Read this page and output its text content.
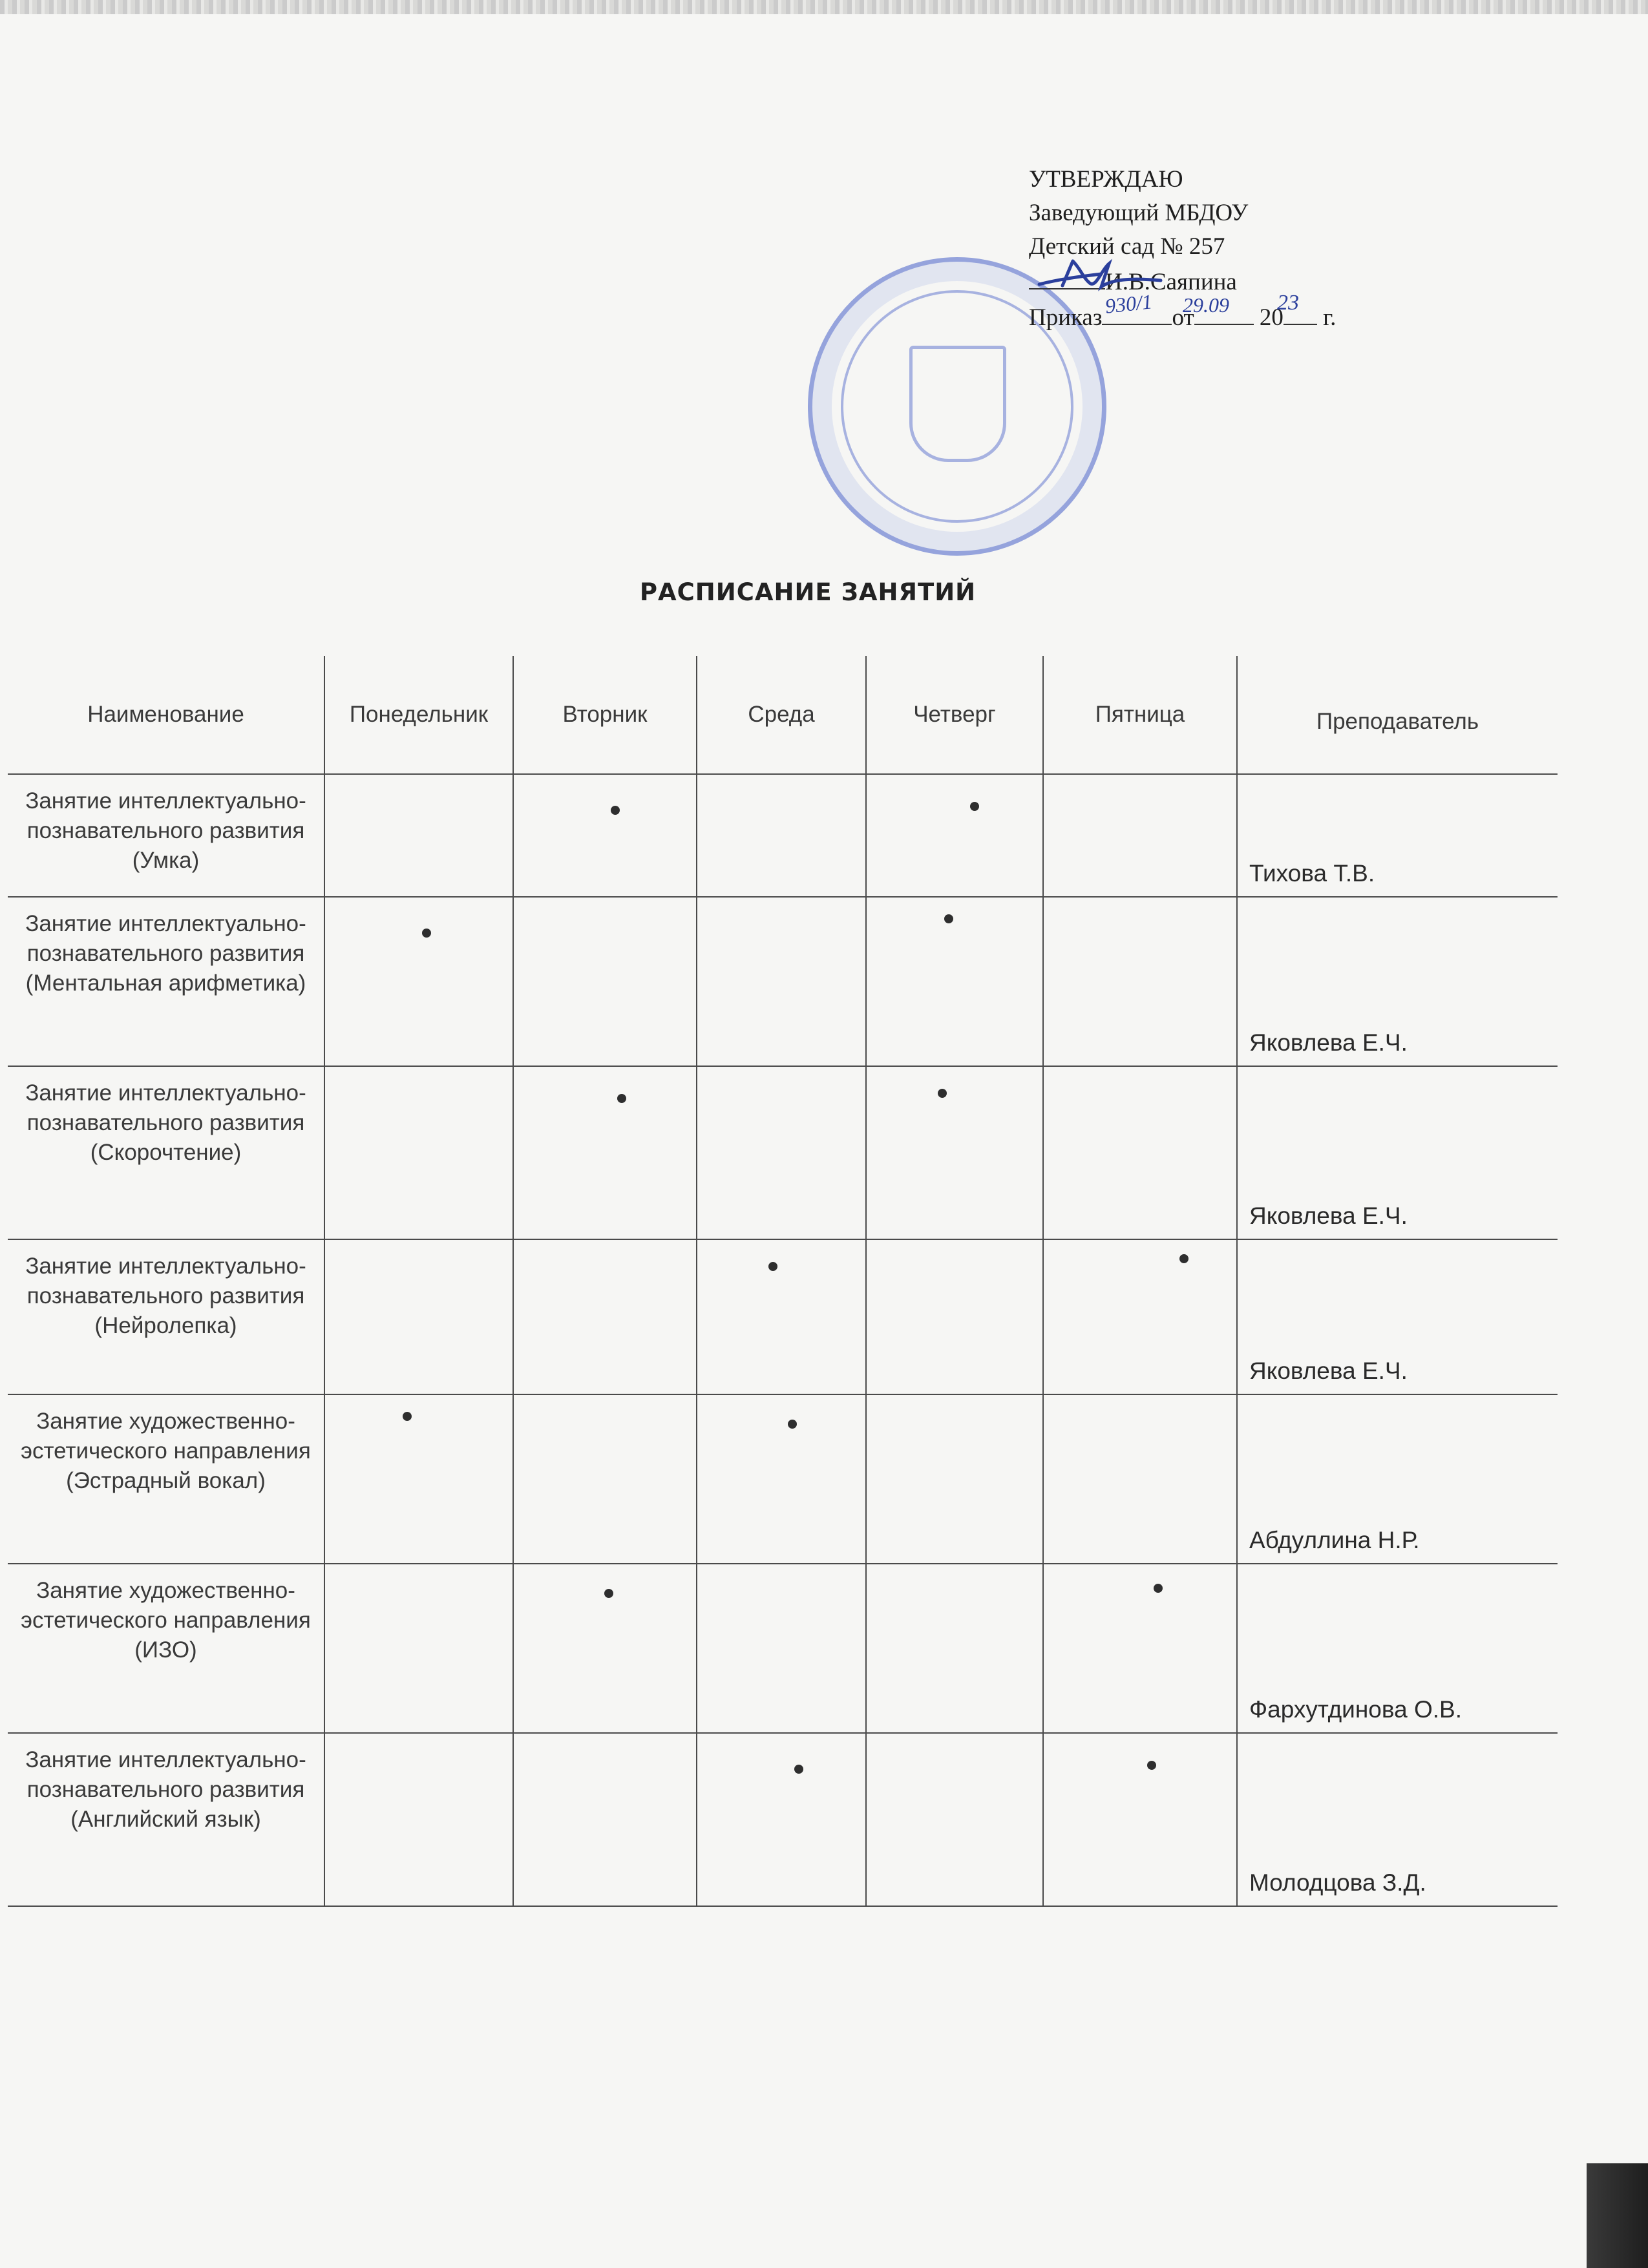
УТВЕРЖДАЮ
Заведующий МБДОУ
Детский сад № 257
И.В.Саяпина
Приказ	от	20 г.
930/1 29.09 23
РАСПИСАНИЕ ЗАНЯТИЙ
Наименование	Понедельник	Вторник	Среда	Четверг	Пятница	Преподаватель
Занятие интеллектуально-познавательного развития (Умка)						Тихова Т.В.
Занятие интеллектуально-познавательного развития (Ментальная арифметика)						Яковлева Е.Ч.
Занятие интеллектуально-познавательного развития (Скорочтение)						Яковлева Е.Ч.
Занятие интеллектуально-познавательного развития (Нейролепка)						Яковлева Е.Ч.
Занятие художественно-эстетического направления (Эстрадный вокал)						Абдуллина Н.Р.
Занятие художественно-эстетического направления (ИЗО)						Фархутдинова О.В.
Занятие интеллектуально-познавательного развития (Английский язык)						Молодцова З.Д.
